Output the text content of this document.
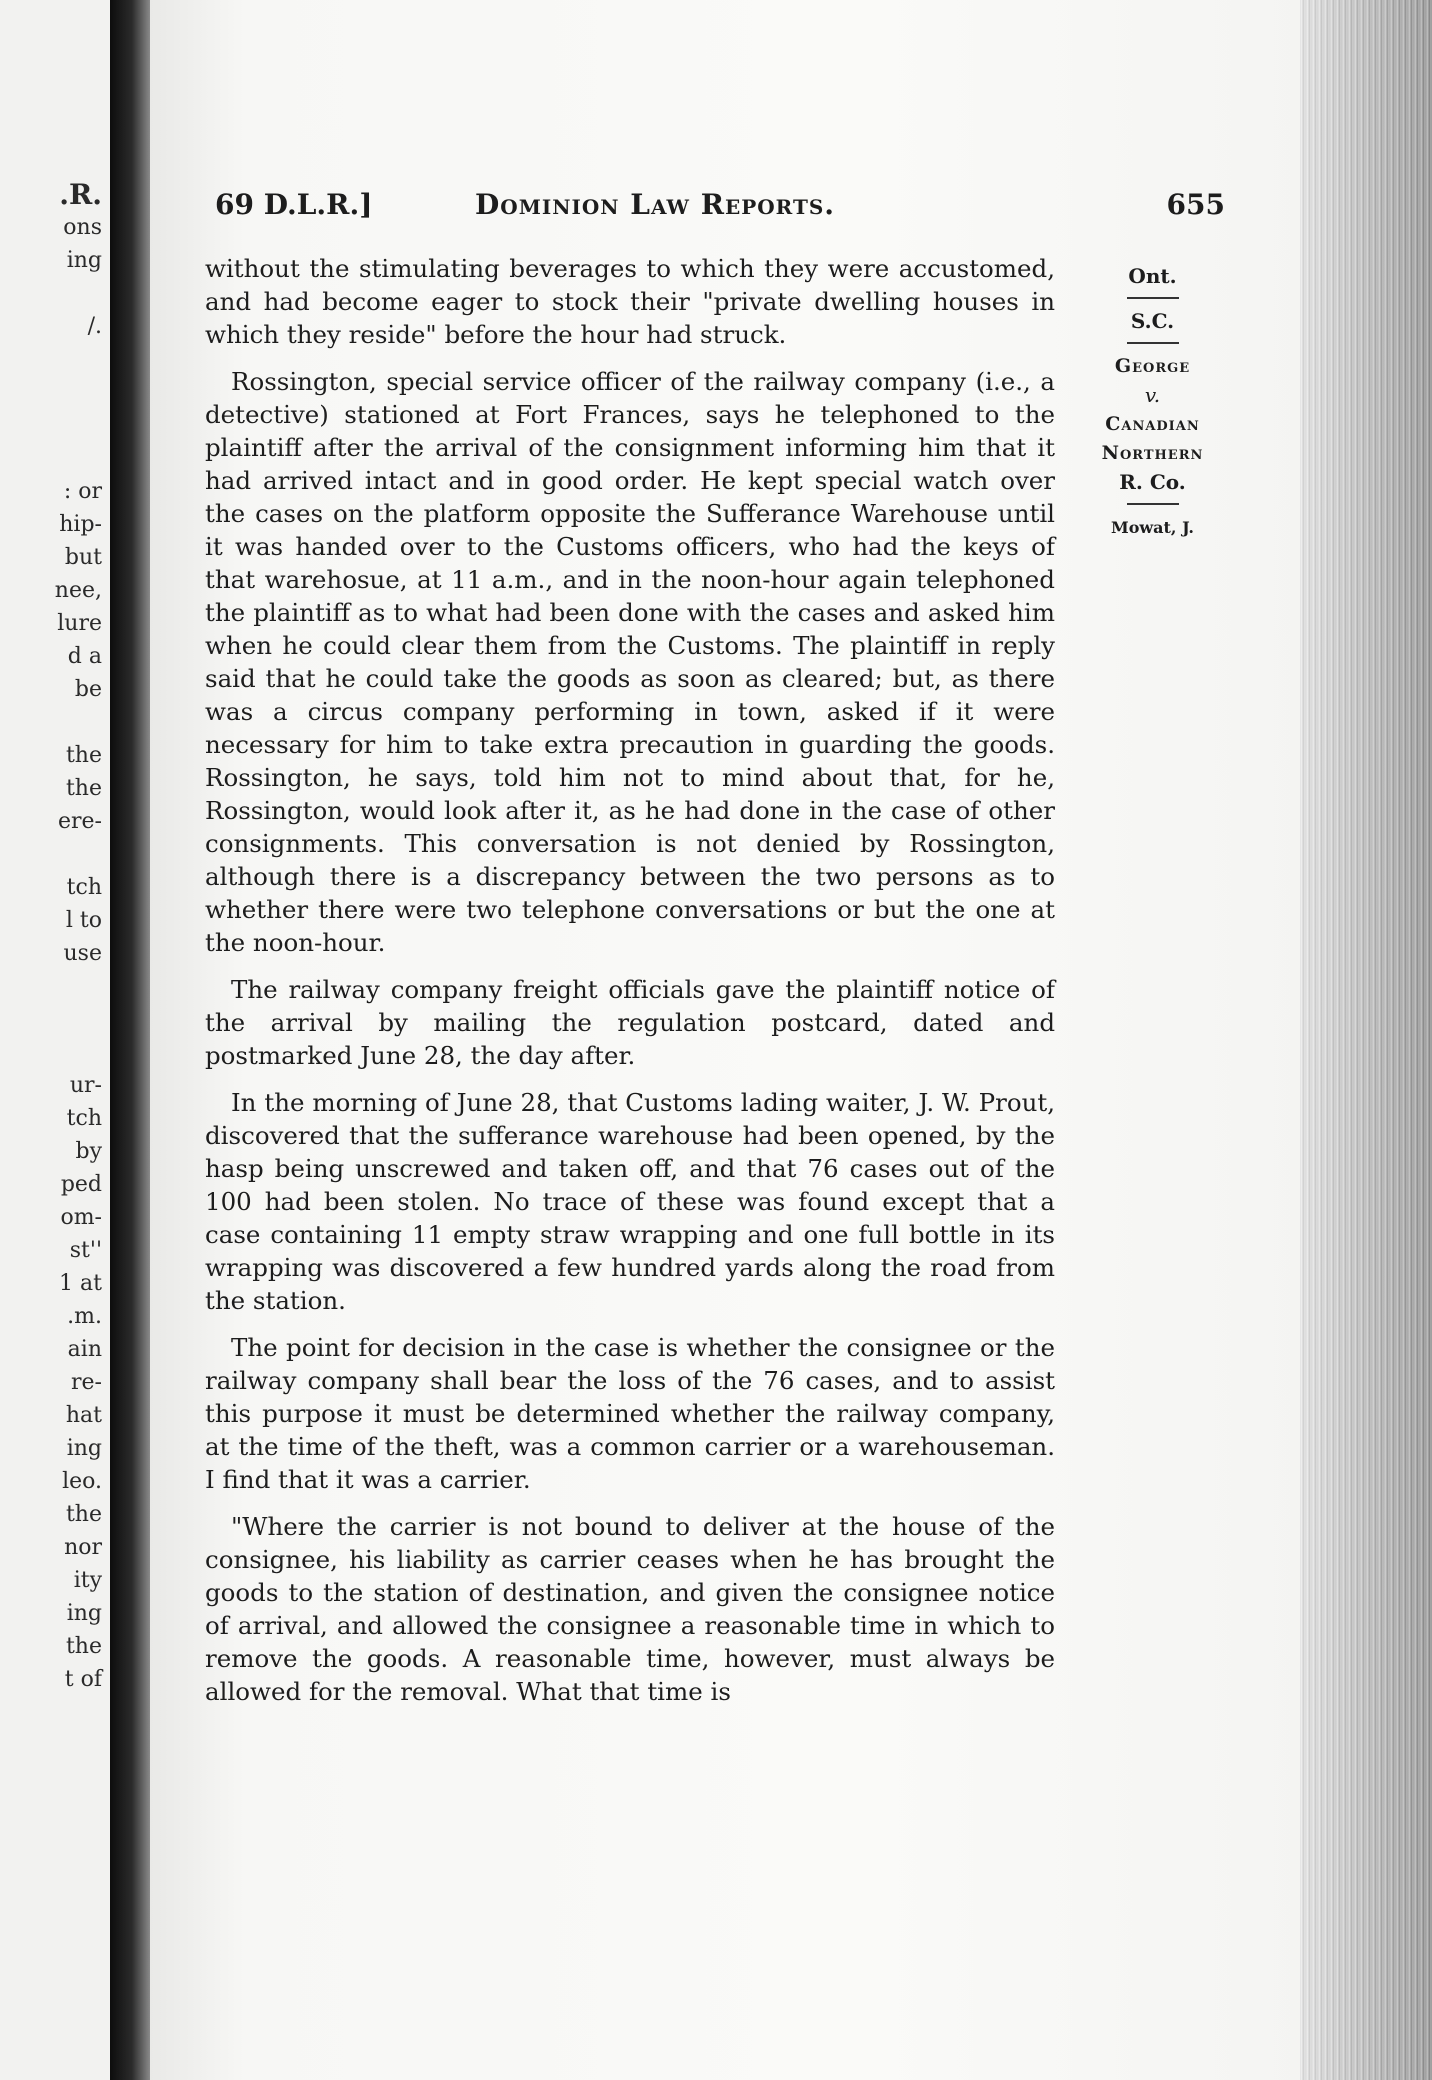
.R.
ons
ing

/.

: or
hip-
but
nee,
lure
d a
be

the
the
ere-

tch
l to
use

ur-
tch
by
ped
om-
st''
1 at
.m.
ain
re-
hat
ing
leo.
the
nor
ity
ing
the
t of
69 D.L.R.]	Dominion Law Reports.	655

without the stimulating beverages to which they were accustomed, and had become eager to stock their "private dwelling houses in which they reside" before the hour had struck.

Rossington, special service officer of the railway company (i.e., a detective) stationed at Fort Frances, says he telephoned to the plaintiff after the arrival of the consignment informing him that it had arrived intact and in good order. He kept special watch over the cases on the platform opposite the Sufferance Warehouse until it was handed over to the Customs officers, who had the keys of that warehosue, at 11 a.m., and in the noon-hour again telephoned the plaintiff as to what had been done with the cases and asked him when he could clear them from the Customs. The plaintiff in reply said that he could take the goods as soon as cleared; but, as there was a circus company performing in town, asked if it were necessary for him to take extra precaution in guarding the goods. Rossington, he says, told him not to mind about that, for he, Rossington, would look after it, as he had done in the case of other consignments. This conversation is not denied by Rossington, although there is a discrepancy between the two persons as to whether there were two telephone conversations or but the one at the noon-hour.

The railway company freight officials gave the plaintiff notice of the arrival by mailing the regulation postcard, dated and postmarked June 28, the day after.

In the morning of June 28, that Customs lading waiter, J. W. Prout, discovered that the sufferance warehouse had been opened, by the hasp being unscrewed and taken off, and that 76 cases out of the 100 had been stolen. No trace of these was found except that a case containing 11 empty straw wrapping and one full bottle in its wrapping was discovered a few hundred yards along the road from the station.

The point for decision in the case is whether the consignee or the railway company shall bear the loss of the 76 cases, and to assist this purpose it must be determined whether the railway company, at the time of the theft, was a common carrier or a warehouseman. I find that it was a carrier.

"Where the carrier is not bound to deliver at the house of the consignee, his liability as carrier ceases when he has brought the goods to the station of destination, and given the consignee notice of arrival, and allowed the consignee a reasonable time in which to remove the goods. A reasonable time, however, must always be allowed for the removal. What that time is

Ont.
S.C.
George
v.
Canadian
Northern
R. Co.
Mowat, J.
